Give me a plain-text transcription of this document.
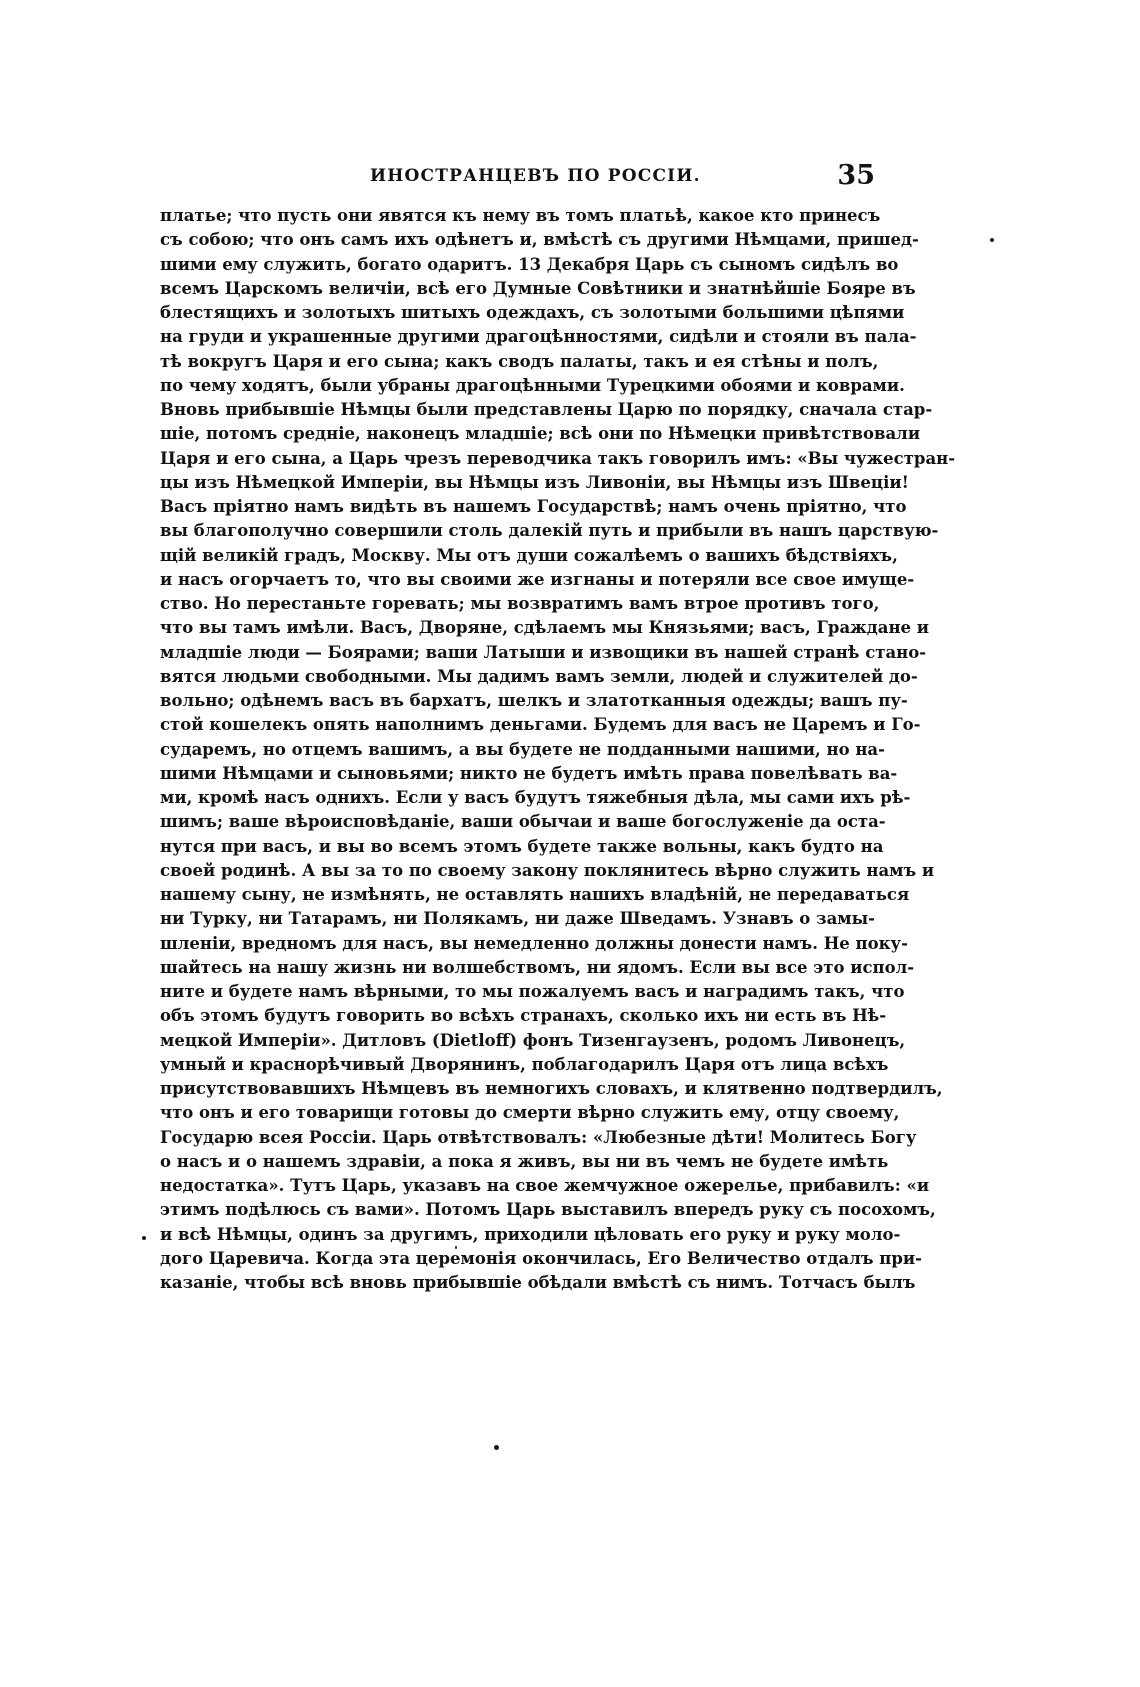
ИНОСТРАНЦЕВЪ ПО РОССІИ.	35
платье; что пусть они явятся къ нему въ томъ платьѣ, какое кто принесъ
съ собою; что онъ самъ ихъ одѣнетъ и, вмѣстѣ съ другими Нѣмцами, пришед-
шими ему служить, богато одаритъ. 13 Декабря Царь съ сыномъ сидѣлъ во
всемъ Царскомъ величіи, всѣ его Думные Совѣтники и знатнѣйшіе Бояре въ
блестящихъ и золотыхъ шитыхъ одеждахъ, съ золотыми большими цѣпями
на груди и украшенные другими драгоцѣнностями, сидѣли и стояли въ пала-
тѣ вокругъ Царя и его сына; какъ сводъ палаты, такъ и ея стѣны и полъ,
по чему ходятъ, были убраны драгоцѣнными Турецкими обоями и коврами.
Вновь прибывшіе Нѣмцы были представлены Царю по порядку, сначала стар-
шіе, потомъ средніе, наконецъ младшіе; всѣ они по Нѣмецки привѣтствовали
Царя и его сына, а Царь чрезъ переводчика такъ говорилъ имъ: «Вы чужестран-
цы изъ Нѣмецкой Имперіи, вы Нѣмцы изъ Ливоніи, вы Нѣмцы изъ Швеціи!
Васъ пріятно намъ видѣть въ нашемъ Государствѣ; намъ очень пріятно, что
вы благополучно совершили столь далекій путь и прибыли въ нашъ царствую-
щій великій градъ, Москву. Мы отъ души сожалѣемъ о вашихъ бѣдствіяхъ,
и насъ огорчаетъ то, что вы своими же изгнаны и потеряли все свое имуще-
ство. Но перестаньте горевать; мы возвратимъ вамъ втрое противъ того,
что вы тамъ имѣли. Васъ, Дворяне, сдѣлаемъ мы Князьями; васъ, Граждане и
младшіе люди — Боярами; ваши Латыши и извощики въ нашей странѣ стано-
вятся людьми свободными. Мы дадимъ вамъ земли, людей и служителей до-
вольно; одѣнемъ васъ въ бархатъ, шелкъ и златотканныя одежды; вашъ пу-
стой кошелекъ опять наполнимъ деньгами. Будемъ для васъ не Царемъ и Го-
сударемъ, но отцемъ вашимъ, а вы будете не подданными нашими, но на-
шими Нѣмцами и сыновьями; никто не будетъ имѣть права повелѣвать ва-
ми, кромѣ насъ одниxъ. Если у васъ будутъ тяжебныя дѣла, мы сами ихъ рѣ-
шимъ; ваше вѣроисповѣданіе, ваши обычаи и ваше богослуженіе да оста-
нутся при васъ, и вы во всемъ этомъ будете также вольны, какъ будто на
своей родинѣ. А вы за то по своему закону поклянитесь вѣрно служить намъ и
нашему сыну, не измѣнять, не оставлять нашихъ владѣній, не передаваться
ни Турку, ни Татарамъ, ни Полякамъ, ни даже Шведамъ. Узнавъ о замы-
шленіи, вредномъ для насъ, вы немедленно должны донести намъ. Не поку-
шайтесь на нашу жизнь ни волшебствомъ, ни ядомъ. Если вы все это испол-
ните и будете намъ вѣрными, то мы пожалуемъ васъ и наградимъ такъ, что
объ этомъ будутъ говорить во всѣхъ странахъ, сколько ихъ ни есть въ Нѣ-
мецкой Имперіи». Дитловъ (Dietloff) фонъ Тизенгаузенъ, родомъ Ливонецъ,
умный и краснорѣчивый Дворянинъ, поблагодарилъ Царя отъ лица всѣхъ
присутствовавшихъ Нѣмцевъ въ немногихъ словахъ, и клятвенно подтвердилъ,
что онъ и его товарищи готовы до смерти вѣрно служить ему, отцу своему,
Государю всея Россіи. Царь отвѣтствовалъ: «Любезные дѣти! Молитесь Богу
о насъ и о нашемъ здравіи, а пока я живъ, вы ни въ чемъ не будете имѣть
недостатка». Тутъ Царь, указавъ на свое жемчужное ожерелье, прибавилъ: «и
этимъ подѣлюсь съ вами». Потомъ Царь выставилъ впередъ руку съ посохомъ,
и всѣ Нѣмцы, одинъ за другимъ, приходили цѣловать его руку и руку моло-
дого Царевича. Когда эта церемонія окончилась, Его Величество отдалъ при-
казаніе, чтобы всѣ вновь прибывшіе обѣдали вмѣстѣ съ нимъ. Тотчасъ былъ
